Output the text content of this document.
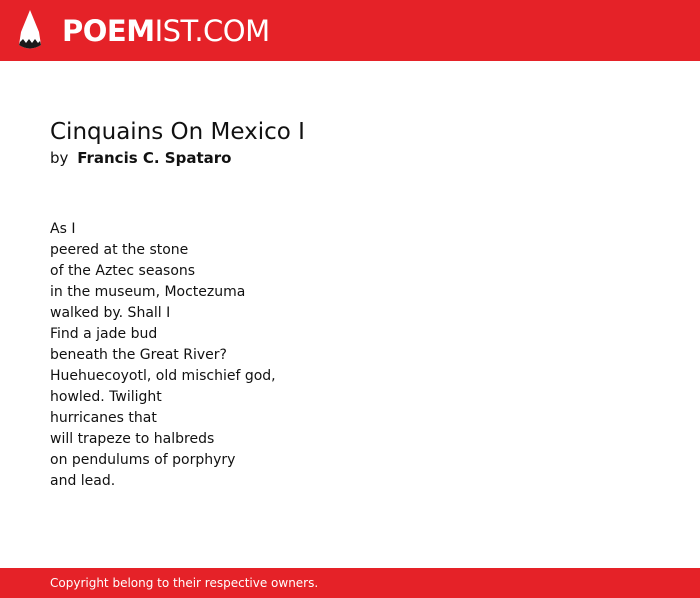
POEMIST.COM
Cinquains On Mexico I
by Francis C. Spataro
As I
peered at the stone
of the Aztec seasons
in the museum, Moctezuma
walked by. Shall I
Find a jade bud
beneath the Great River?
Huehuecoyotl, old mischief god,
howled. Twilight
hurricanes that
will trapeze to halbreds
on pendulums of porphyry
and lead.
Copyright belong to their respective owners.
